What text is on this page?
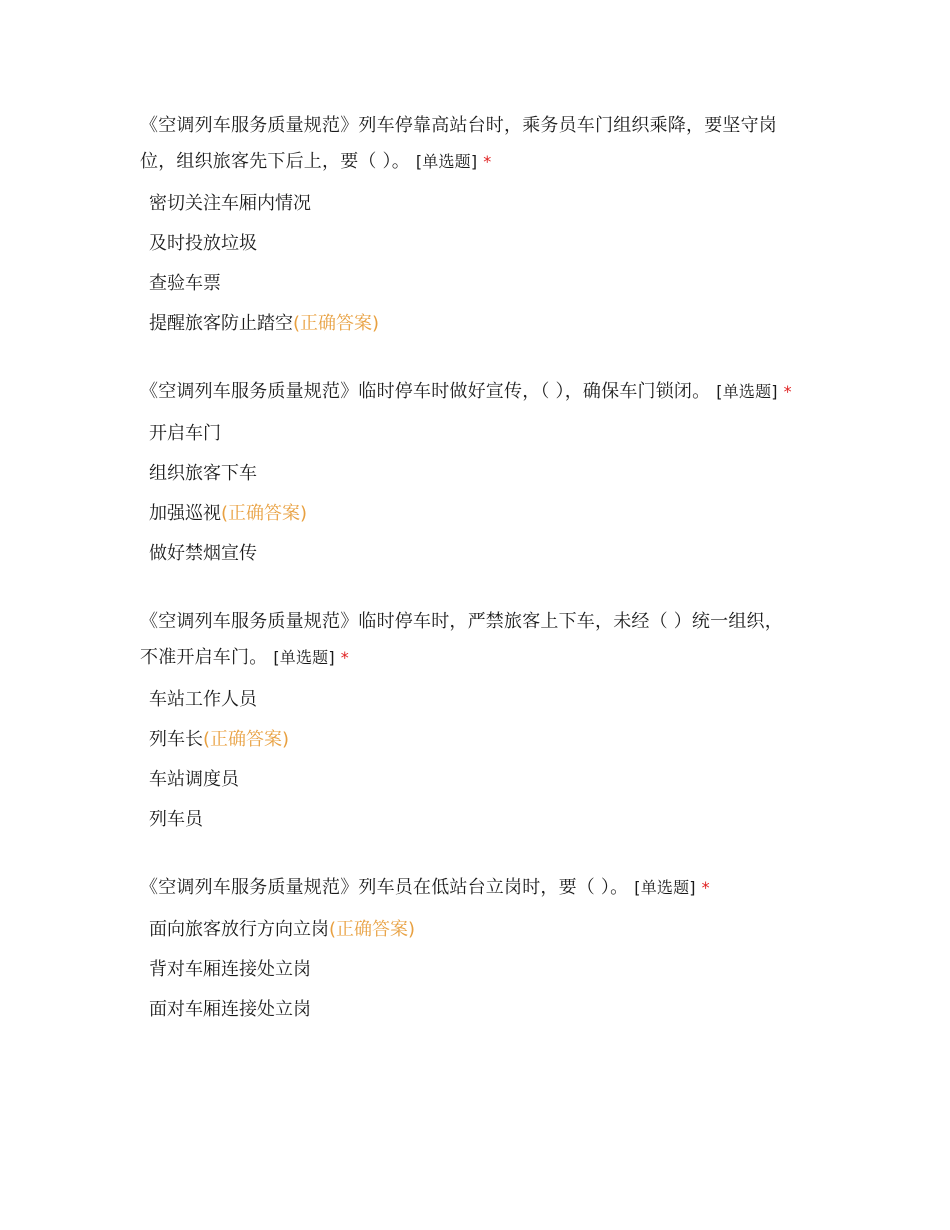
《空调列车服务质量规范》列车停靠高站台时，乘务员车门组织乘降，要坚守岗位，组织旅客先下后上，要（ ）。 [单选题] *

密切关注车厢内情况
及时投放垃圾
查验车票
提醒旅客防止踏空(正确答案)

《空调列车服务质量规范》临时停车时做好宣传，（ ），确保车门锁闭。 [单选题] *

开启车门
组织旅客下车
加强巡视(正确答案)
做好禁烟宣传

《空调列车服务质量规范》临时停车时，严禁旅客上下车，未经（ ）统一组织，不准开启车门。 [单选题] *

车站工作人员
列车长(正确答案)
车站调度员
列车员

《空调列车服务质量规范》列车员在低站台立岗时，要（ ）。 [单选题] *

面向旅客放行方向立岗(正确答案)
背对车厢连接处立岗
面对车厢连接处立岗
